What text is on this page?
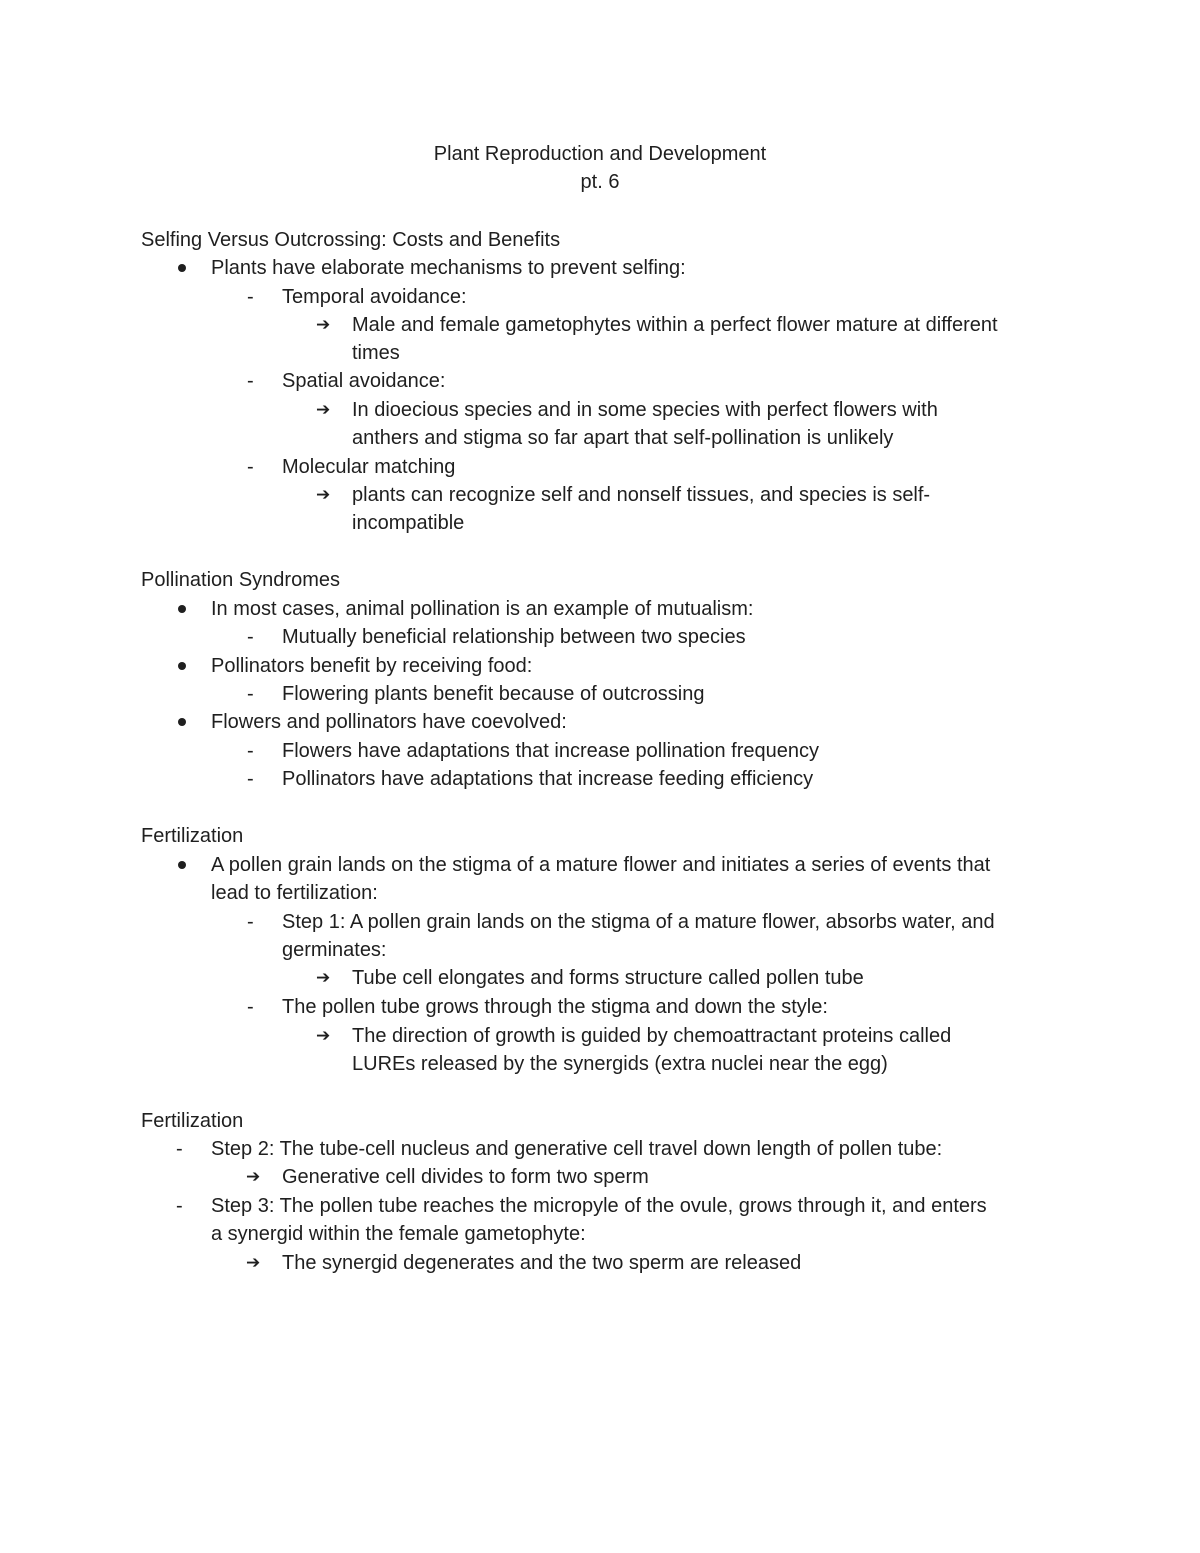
Plant Reproduction and Development
pt. 6
Selfing Versus Outcrossing: Costs and Benefits
Plants have elaborate mechanisms to prevent selfing:
- Temporal avoidance:
➔ Male and female gametophytes within a perfect flower mature at different
times
- Spatial avoidance:
➔ In dioecious species and in some species with perfect flowers with
anthers and stigma so far apart that self-pollination is unlikely
- Molecular matching
➔ plants can recognize self and nonself tissues, and species is self-
incompatible
Pollination Syndromes
In most cases, animal pollination is an example of mutualism:
- Mutually beneficial relationship between two species
Pollinators benefit by receiving food:
- Flowering plants benefit because of outcrossing
Flowers and pollinators have coevolved:
- Flowers have adaptations that increase pollination frequency
- Pollinators have adaptations that increase feeding efficiency
Fertilization
A pollen grain lands on the stigma of a mature flower and initiates a series of events that
lead to fertilization:
- Step 1: A pollen grain lands on the stigma of a mature flower, absorbs water, and
germinates:
➔ Tube cell elongates and forms structure called pollen tube
- The pollen tube grows through the stigma and down the style:
➔ The direction of growth is guided by chemoattractant proteins called
LUREs released by the synergids (extra nuclei near the egg)
Fertilization
- Step 2: The tube-cell nucleus and generative cell travel down length of pollen tube:
➔ Generative cell divides to form two sperm
- Step 3: The pollen tube reaches the micropyle of the ovule, grows through it, and enters
a synergid within the female gametophyte:
➔ The synergid degenerates and the two sperm are released
